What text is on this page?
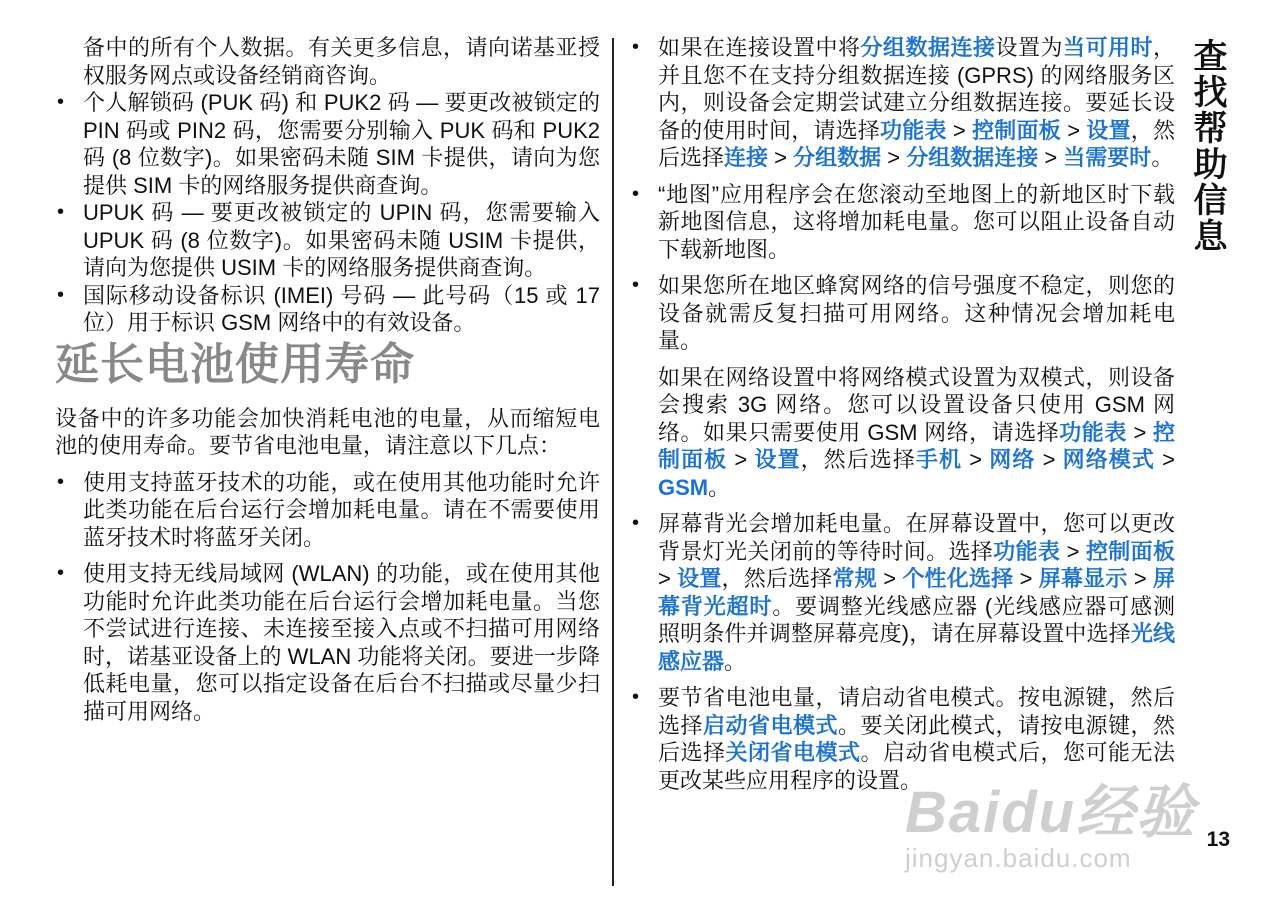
备中的所有个人数据。有关更多信息，请向诺基亚授权服务网点或设备经销商咨询。

• 个人解锁码 (PUK 码) 和 PUK2 码 — 要更改被锁定的 PIN 码或 PIN2 码，您需要分别输入 PUK 码和 PUK2 码 (8 位数字)。如果密码未随 SIM 卡提供，请向为您提供 SIM 卡的网络服务提供商查询。
• UPUK 码 — 要更改被锁定的 UPIN 码，您需要输入 UPUK 码 (8 位数字)。如果密码未随 USIM 卡提供，请向为您提供 USIM 卡的网络服务提供商查询。
• 国际移动设备标识 (IMEI) 号码 — 此号码（15 或 17 位）用于标识 GSM 网络中的有效设备。
延长电池使用寿命

设备中的许多功能会加快消耗电池的电量，从而缩短电池的使用寿命。要节省电池电量，请注意以下几点：

• 使用支持蓝牙技术的功能，或在使用其他功能时允许此类功能在后台运行会增加耗电量。请在不需要使用蓝牙技术时将蓝牙关闭。
• 使用支持无线局域网 (WLAN) 的功能，或在使用其他功能时允许此类功能在后台运行会增加耗电量。当您不尝试进行连接、未连接至接入点或不扫描可用网络时，诺基亚设备上的 WLAN 功能将关闭。要进一步降低耗电量，您可以指定设备在后台不扫描或尽量少扫描可用网络。
• 如果在连接设置中将分组数据连接设置为当可用时，并且您不在支持分组数据连接 (GPRS) 的网络服务区内，则设备会定期尝试建立分组数据连接。要延长设备的使用时间，请选择功能表 > 控制面板 > 设置，然后选择连接 > 分组数据 > 分组数据连接 > 当需要时。
• “地图”应用程序会在您滚动至地图上的新地区时下载新地图信息，这将增加耗电量。您可以阻止设备自动下载新地图。
• 如果您所在地区蜂窝网络的信号强度不稳定，则您的设备就需反复扫描可用网络。这种情况会增加耗电量。

如果在网络设置中将网络模式设置为双模式，则设备会搜索 3G 网络。您可以设置设备只使用 GSM 网络。如果只需要使用 GSM 网络，请选择功能表 > 控制面板 > 设置，然后选择手机 > 网络 > 网络模式 > GSM。

• 屏幕背光会增加耗电量。在屏幕设置中，您可以更改背景灯光关闭前的等待时间。选择功能表 > 控制面板 > 设置，然后选择常规 > 个性化选择 > 屏幕显示 > 屏幕背光超时。要调整光线感应器 (光线感应器可感测照明条件并调整屏幕亮度)，请在屏幕设置中选择光线感应器。
• 要节省电池电量，请启动省电模式。按电源键，然后选择启动省电模式。要关闭此模式，请按电源键，然后选择关闭省电模式。启动省电模式后，您可能无法更改某些应用程序的设置。
查找帮助信息
13
Baidu经验
jingyan.baidu.com
